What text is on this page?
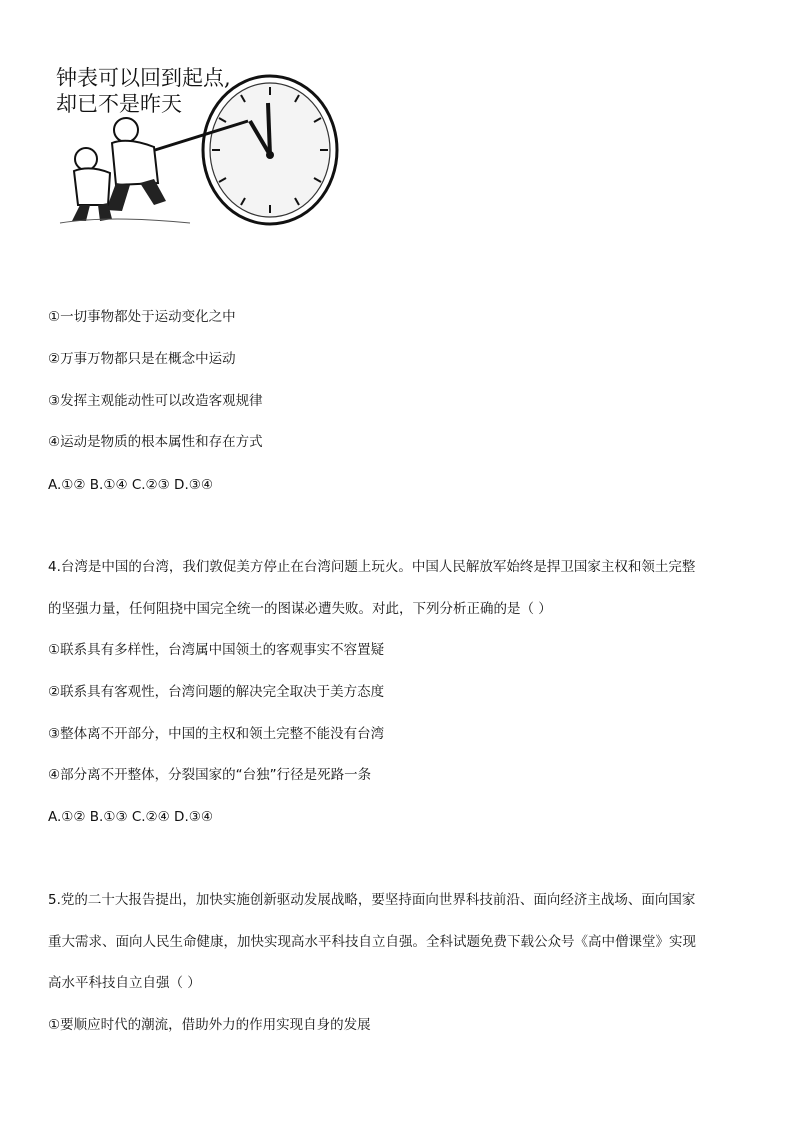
钟表可以回到起点,
却已不是昨天
①一切事物都处于运动变化之中
②万事万物都只是在概念中运动
③发挥主观能动性可以改造客观规律
④运动是物质的根本属性和存在方式
A.①② B.①④ C.②③ D.③④
4.台湾是中国的台湾，我们敦促美方停止在台湾问题上玩火。中国人民解放军始终是捍卫国家主权和领土完整
的坚强力量，任何阻挠中国完全统一的图谋必遭失败。对此，下列分析正确的是（ ）
①联系具有多样性，台湾属中国领土的客观事实不容置疑
②联系具有客观性，台湾问题的解决完全取决于美方态度
③整体离不开部分，中国的主权和领土完整不能没有台湾
④部分离不开整体，分裂国家的“台独”行径是死路一条
A.①② B.①③ C.②④ D.③④
5.党的二十大报告提出，加快实施创新驱动发展战略，要坚持面向世界科技前沿、面向经济主战场、面向国家
重大需求、面向人民生命健康，加快实现高水平科技自立自强。全科试题免费下载公众号《高中僧课堂》实现
高水平科技自立自强（ ）
①要顺应时代的潮流，借助外力的作用实现自身的发展
